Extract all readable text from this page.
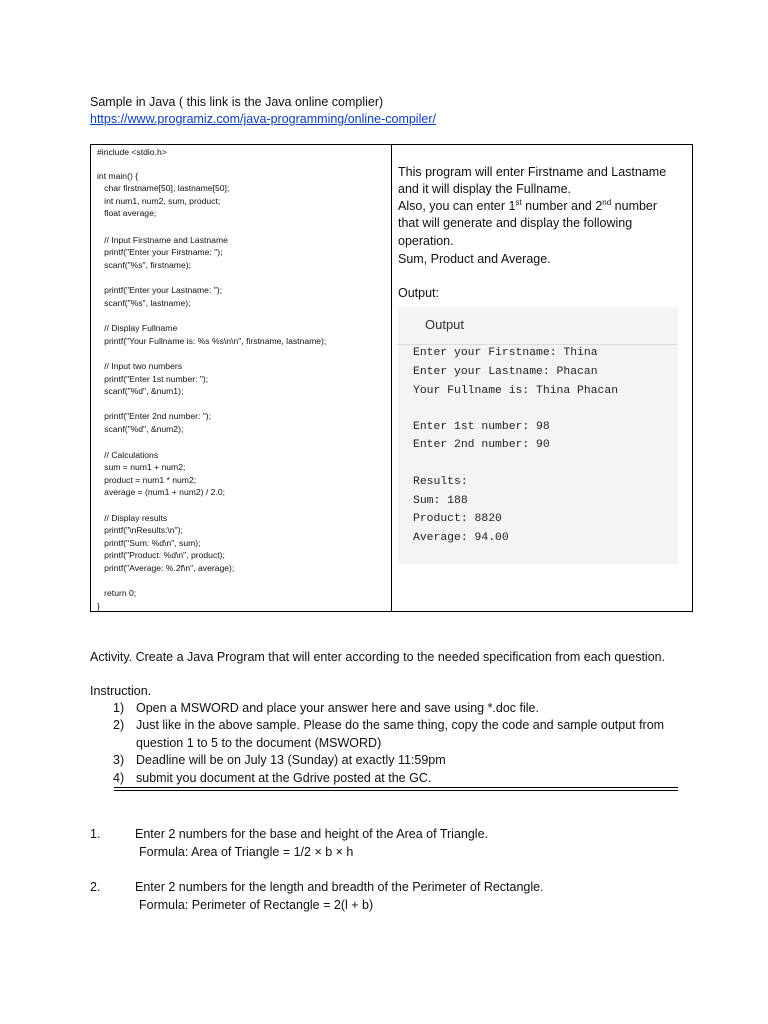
Sample in Java ( this link is the Java online complier)
https://www.programiz.com/java-programming/online-compiler/
#include <stdio.h>
int main() {
char firstname[50], lastname[50];
int num1, num2, sum, product;
float average;
// Input Firstname and Lastname
printf("Enter your Firstname: ");
scanf("%s", firstname);
printf("Enter your Lastname: ");
scanf("%s", lastname);
// Display Fullname
printf("Your Fullname is: %s %s\n\n", firstname, lastname);
// Input two numbers
printf("Enter 1st number: ");
scanf("%d", &num1);
printf("Enter 2nd number: ");
scanf("%d", &num2);
// Calculations
sum = num1 + num2;
product = num1 * num2;
average = (num1 + num2) / 2.0;
// Display results
printf("\nResults:\n");
printf("Sum: %d\n", sum);
printf("Product: %d\n", product);
printf("Average: %.2f\n", average);
return 0;
}
This program will enter Firstname and Lastname
and it will display the Fullname.
Also, you can enter 1st number and 2nd number
that will generate and display the following
operation.
Sum, Product and Average.
Output:
Output
Enter your Firstname: Thina
Enter your Lastname: Phacan
Your Fullname is: Thina Phacan
Enter 1st number: 98
Enter 2nd number: 90
Results:
Sum: 188
Product: 8820
Average: 94.00
Activity. Create a Java Program that will enter according to the needed specification from each question.
Instruction.
1) Open a MSWORD and place your answer here and save using *.doc file.
2) Just like in the above sample. Please do the same thing, copy the code and sample output from
question 1 to 5 to the document (MSWORD)
3) Deadline will be on July 13 (Sunday) at exactly 11:59pm
4) submit you document at the Gdrive posted at the GC.
1.	Enter 2 numbers for the base and height of the Area of Triangle.
Formula: Area of Triangle = 1/2 × b × h
2.	Enter 2 numbers for the length and breadth of the Perimeter of Rectangle.
Formula: Perimeter of Rectangle = 2(l + b)
